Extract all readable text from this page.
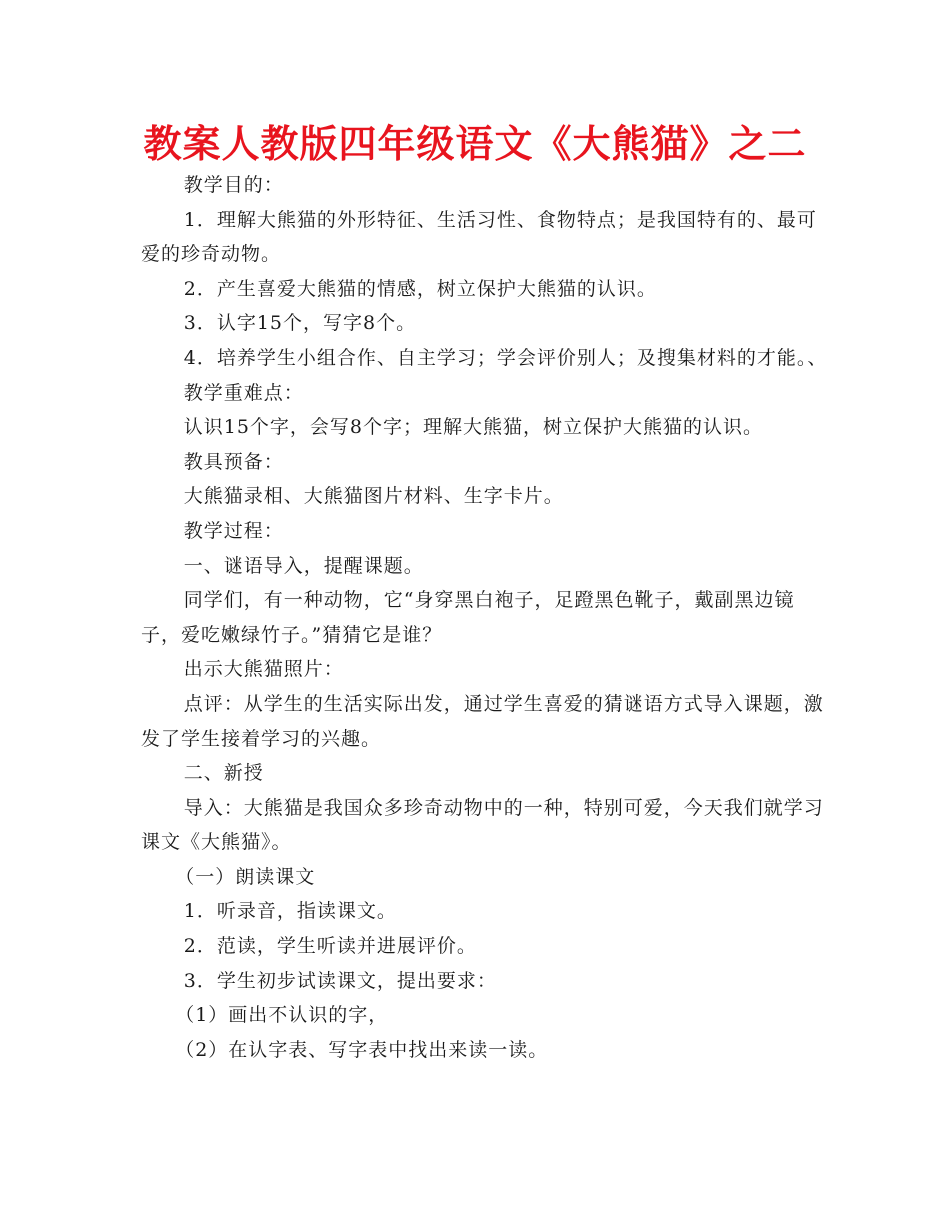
教案人教版四年级语文《大熊猫》之二

教学目的：

1．理解大熊猫的外形特征、生活习性、食物特点；是我国特有的、最可爱的珍奇动物。

2．产生喜爱大熊猫的情感，树立保护大熊猫的认识。

3．认字15个，写字8个。

4．培养学生小组合作、自主学习；学会评价别人；及搜集材料的才能。、

教学重难点：

认识15个字，会写8个字；理解大熊猫，树立保护大熊猫的认识。

教具预备：

大熊猫录相、大熊猫图片材料、生字卡片。

教学过程：

一、谜语导入，提醒课题。

同学们，有一种动物，它“身穿黑白袍子，足蹬黑色靴子，戴副黑边镜子，爱吃嫩绿竹子。”猜猜它是谁？

出示大熊猫照片：

点评：从学生的生活实际出发，通过学生喜爱的猜谜语方式导入课题，激发了学生接着学习的兴趣。

二、新授

导入：大熊猫是我国众多珍奇动物中的一种，特别可爱，今天我们就学习课文《大熊猫》。

（一）朗读课文

1．听录音，指读课文。

2．范读，学生听读并进展评价。

3．学生初步试读课文，提出要求：

（1）画出不认识的字，

（2）在认字表、写字表中找出来读一读。
